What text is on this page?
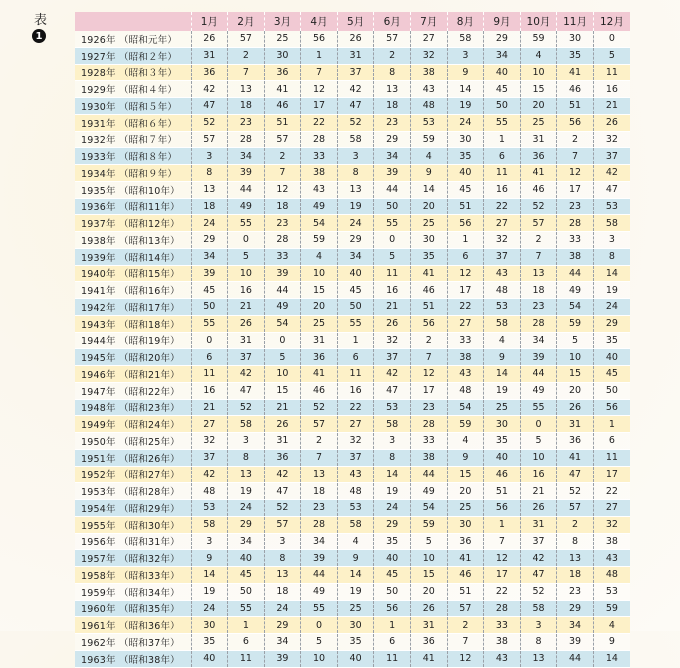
表
1
	1月	2月	3月	4月	5月	6月	7月	8月	9月	10月	11月	12月
1926年 （昭和元年）	26	57	25	56	26	57	27	58	29	59	30	0
1927年 （昭和２年）	31	2	30	1	31	2	32	3	34	4	35	5
1928年 （昭和３年）	36	7	36	7	37	8	38	9	40	10	41	11
1929年 （昭和４年）	42	13	41	12	42	13	43	14	45	15	46	16
1930年 （昭和５年）	47	18	46	17	47	18	48	19	50	20	51	21
1931年 （昭和６年）	52	23	51	22	52	23	53	24	55	25	56	26
1932年 （昭和７年）	57	28	57	28	58	29	59	30	1	31	2	32
1933年 （昭和８年）	3	34	2	33	3	34	4	35	6	36	7	37
1934年 （昭和９年）	8	39	7	38	8	39	9	40	11	41	12	42
1935年 （昭和10年）	13	44	12	43	13	44	14	45	16	46	17	47
1936年 （昭和11年）	18	49	18	49	19	50	20	51	22	52	23	53
1937年 （昭和12年）	24	55	23	54	24	55	25	56	27	57	28	58
1938年 （昭和13年）	29	0	28	59	29	0	30	1	32	2	33	3
1939年 （昭和14年）	34	5	33	4	34	5	35	6	37	7	38	8
1940年 （昭和15年）	39	10	39	10	40	11	41	12	43	13	44	14
1941年 （昭和16年）	45	16	44	15	45	16	46	17	48	18	49	19
1942年 （昭和17年）	50	21	49	20	50	21	51	22	53	23	54	24
1943年 （昭和18年）	55	26	54	25	55	26	56	27	58	28	59	29
1944年 （昭和19年）	0	31	0	31	1	32	2	33	4	34	5	35
1945年 （昭和20年）	6	37	5	36	6	37	7	38	9	39	10	40
1946年 （昭和21年）	11	42	10	41	11	42	12	43	14	44	15	45
1947年 （昭和22年）	16	47	15	46	16	47	17	48	19	49	20	50
1948年 （昭和23年）	21	52	21	52	22	53	23	54	25	55	26	56
1949年 （昭和24年）	27	58	26	57	27	58	28	59	30	0	31	1
1950年 （昭和25年）	32	3	31	2	32	3	33	4	35	5	36	6
1951年 （昭和26年）	37	8	36	7	37	8	38	9	40	10	41	11
1952年 （昭和27年）	42	13	42	13	43	14	44	15	46	16	47	17
1953年 （昭和28年）	48	19	47	18	48	19	49	20	51	21	52	22
1954年 （昭和29年）	53	24	52	23	53	24	54	25	56	26	57	27
1955年 （昭和30年）	58	29	57	28	58	29	59	30	1	31	2	32
1956年 （昭和31年）	3	34	3	34	4	35	5	36	7	37	8	38
1957年 （昭和32年）	9	40	8	39	9	40	10	41	12	42	13	43
1958年 （昭和33年）	14	45	13	44	14	45	15	46	17	47	18	48
1959年 （昭和34年）	19	50	18	49	19	50	20	51	22	52	23	53
1960年 （昭和35年）	24	55	24	55	25	56	26	57	28	58	29	59
1961年 （昭和36年）	30	1	29	0	30	1	31	2	33	3	34	4
1962年 （昭和37年）	35	6	34	5	35	6	36	7	38	8	39	9
1963年 （昭和38年）	40	11	39	10	40	11	41	12	43	13	44	14
